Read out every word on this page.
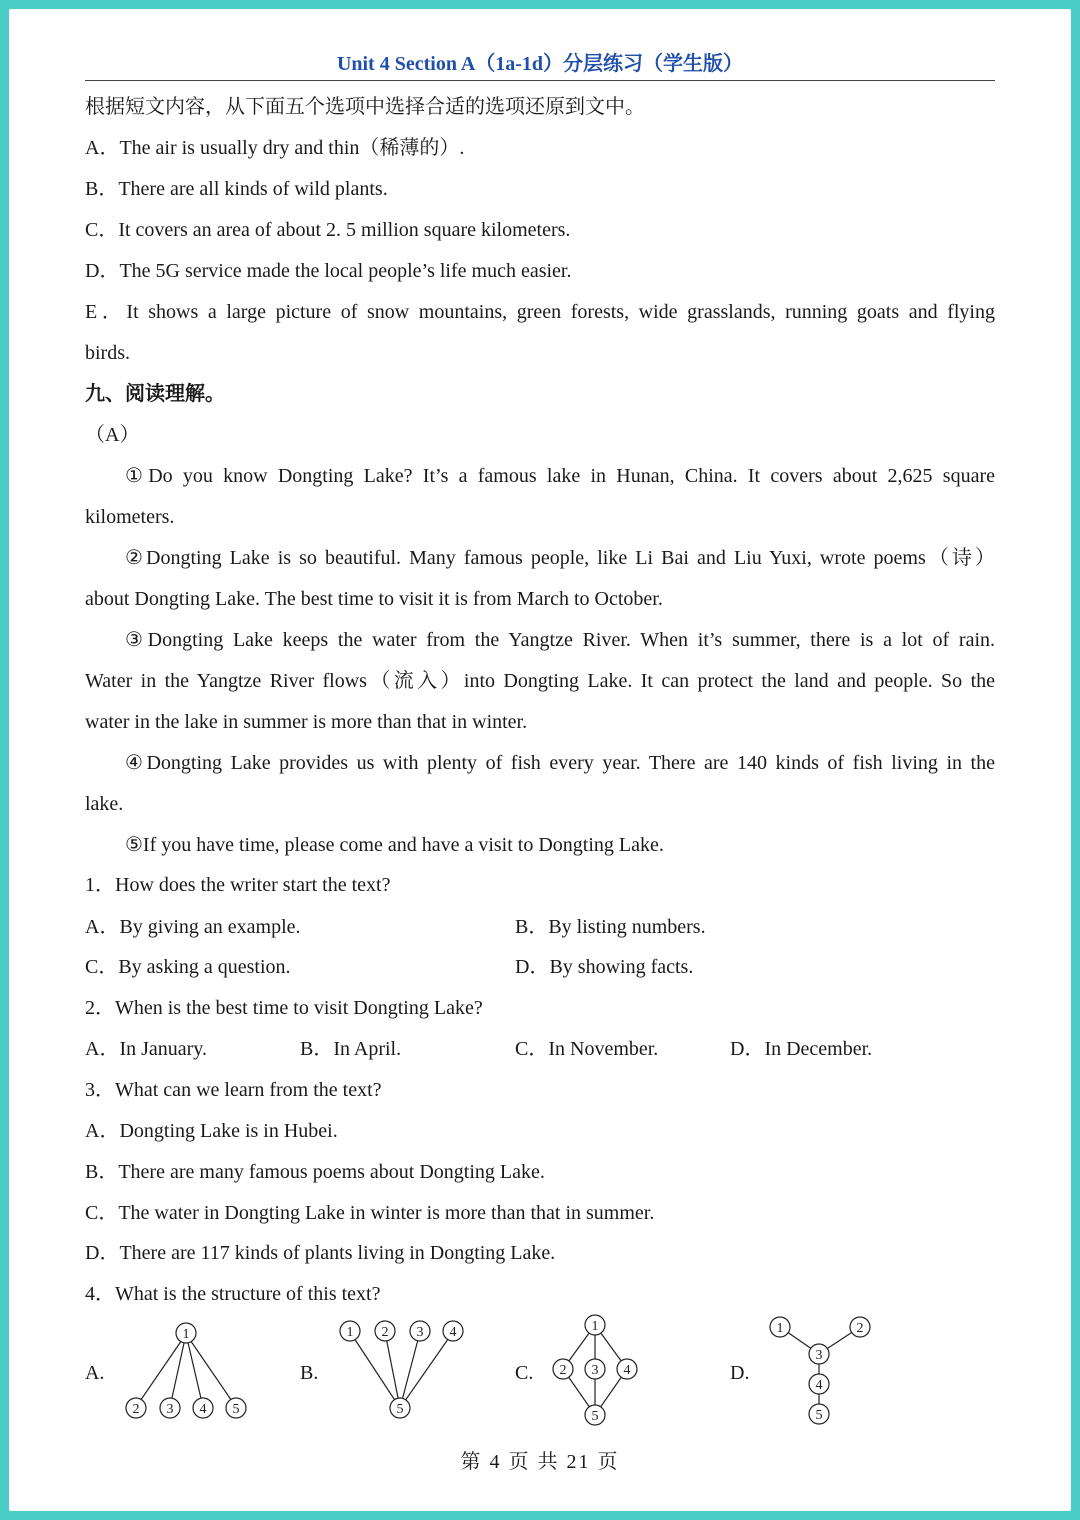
Unit 4 Section A（1a-1d）分层练习（学生版）
根据短文内容，从下面五个选项中选择合适的选项还原到文中。
A．The air is usually dry and thin（稀薄的）.
B．There are all kinds of wild plants.
C．It covers an area of about 2. 5 million square kilometers.
D．The 5G service made the local people’s life much easier.
E．It shows a large picture of snow mountains, green forests, wide grasslands, running goats and flying
birds.
九、阅读理解。
（A）
①Do you know Dongting Lake? It’s a famous lake in Hunan, China. It covers about 2,625 square
kilometers.
②Dongting Lake is so beautiful. Many famous people, like Li Bai and Liu Yuxi, wrote poems（诗）
about Dongting Lake. The best time to visit it is from March to October.
③Dongting Lake keeps the water from the Yangtze River. When it’s summer, there is a lot of rain.
Water in the Yangtze River flows（流入）into Dongting Lake. It can protect the land and people. So the
water in the lake in summer is more than that in winter.
④Dongting Lake provides us with plenty of fish every year. There are 140 kinds of fish living in the
lake.
⑤If you have time, please come and have a visit to Dongting Lake.
1．How does the writer start the text?
A．By giving an example.	B．By listing numbers.
C．By asking a question.	D．By showing facts.
2．When is the best time to visit Dongting Lake?
A．In January.	B．In April.	C．In November.	D．In December.
3．What can we learn from the text?
A．Dongting Lake is in Hubei.
B．There are many famous poems about Dongting Lake.
C．The water in Dongting Lake in winter is more than that in summer.
D．There are 117 kinds of plants living in Dongting Lake.
4．What is the structure of this text?
A.	B.	C.	D.
1
2 3 4 5
1 2 3 4
5
1
2 3 4
5
1	2
3
4
5
第 4 页 共 21 页
